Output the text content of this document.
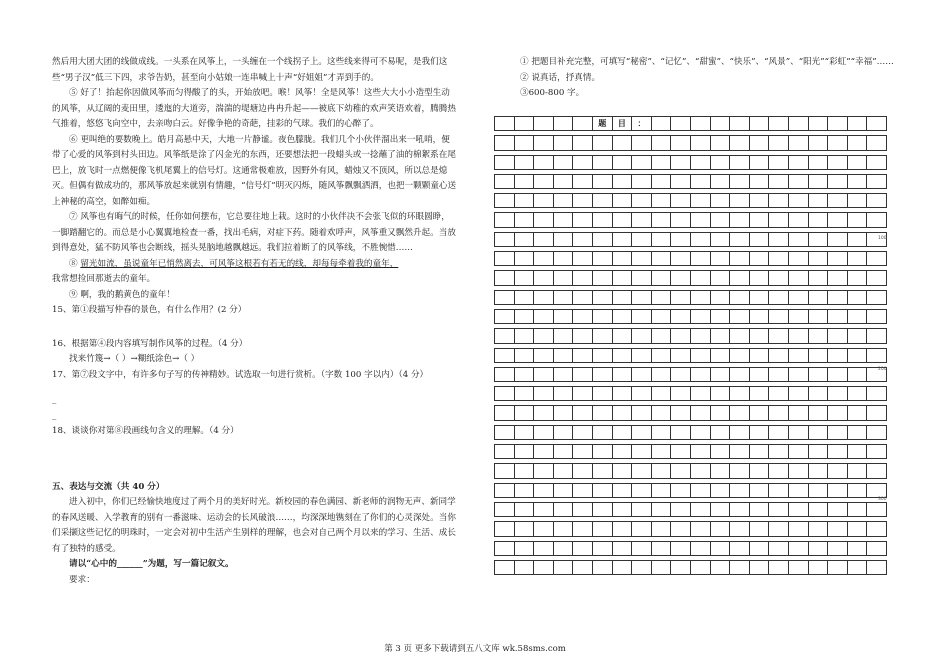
然后用大团大团的线做成线。一头系在风筝上，一头缠在一个线拐子上。这些线来得可不易呢，是我们这些“男子汉”低三下四，求爷告奶，甚至向小姑娘一连串喊上十声“好姐姐”才弄到手的。

⑤ 好了！抬起你因做风筝而匀得酸了的头，开始放吧。喉！风筝！全是风筝！这些大大小小造型生动的风筝，从辽阔的麦田里，逶迤的大道旁，湍湍的堤塘边冉冉升起——被底下幼稚的欢声笑语欢着，腾腾热气推着，悠悠飞向空中，去亲吻白云。好像争艳的奇葩，挂彩的气球。我们的心醉了。

⑥ 更叫绝的要数晚上。皓月高悬中天，大地一片静谧。夜色朦胧。我们几个小伙伴溜出来一吼哨，便带了心爱的风筝到村头田边。风筝纸是涂了闪金光的东西，还要想法把一段蜡头或一捻蘸了油的棉絮系在尾巴上，放飞时一点燃便像飞机尾翼上的信号灯。这通常极难放，因野外有风，蜡烛又不顶风，所以总是熄灭。但偶有做成功的，那风筝放起来就别有情趣，“信号灯”明灭闪烁，随风筝飘飘洒洒，也把一颗颗童心送上神秘的高空，如醉如痴。

⑦ 风筝也有晦气的时候，任你如何摆布，它总要往地上栽。这时的小伙伴决不会张飞似的环眼圆睁，一脚踏翻它的。而总是小心翼翼地检查一番，找出毛病，对症下药。随着欢呼声，风筝重又飘然升起。当放到得意处，猛不防风筝也会断线，摇头晃脑地越飘越远。我们拉着断了的风筝线，不胜惋惜……

⑧ 留光如流，虽说童年已悄然离去，可风筝这根若有若无的线，却每每牵着我的童年，

我常想捡回那逝去的童年。

⑨ 啊，我的鹅黄色的童年！

15、第①段描写仲春的景色，有什么作用？(2 分）

16、根据第④段内容填写制作风筝的过程。（4 分）

找来竹篾→（ ）→糊纸涂色→（ ）

17、第⑦段文字中，有许多句子写的传神精妙。试选取一句进行赏析。（字数 100 字以内）（4 分）

_

_

18、谈谈你对第⑧段画线句含义的理解。（4 分）

五、表达与交流（共 40 分）

进入初中，你们已经愉快地度过了两个月的美好时光。新校园的春色满园、新老师的润物无声、新同学的春风送暖、入学教育的别有一番滋味、运动会的长风破浪……，均深深地镌刻在了你们的心灵深处。当你们采撷这些记忆的明珠时，一定会对初中生活产生别样的理解，也会对自己两个月以来的学习、生活、成长有了独特的感受。

请以“心中的______”为题，写一篇记叙文。

要求：

① 把题目补充完整，可填写“秘密”、“记忆”、“甜蜜”、“快乐”、“风景”、“阳光”“彩虹”“幸福”……

② 说真话，抒真情。

③600-800 字。

					题	目	：												

100
200
300
第 3 页 更多下载请到五八文库 wk.58sms.com
